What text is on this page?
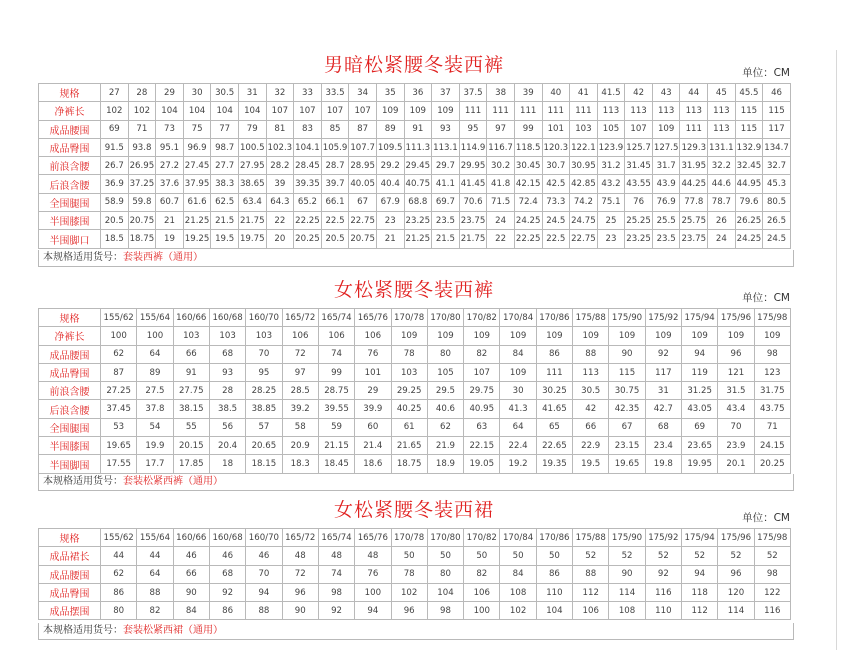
男暗松紧腰冬装西裤	单位：CM
规格	27	28	29	30	30.5	31	32	33	33.5	34	35	36	37	37.5	38	39	40	41	41.5	42	43	44	45	45.5	46
净裤长	102	102	104	104	104	104	107	107	107	107	109	109	109	111	111	111	111	111	113	113	113	113	113	115	115
成品腰围	69	71	73	75	77	79	81	83	85	87	89	91	93	95	97	99	101	103	105	107	109	111	113	115	117
成品臀围	91.5	93.8	95.1	96.9	98.7	100.5	102.3	104.1	105.9	107.7	109.5	111.3	113.1	114.9	116.7	118.5	120.3	122.1	123.9	125.7	127.5	129.3	131.1	132.9	134.7
前浪含腰	26.7	26.95	27.2	27.45	27.7	27.95	28.2	28.45	28.7	28.95	29.2	29.45	29.7	29.95	30.2	30.45	30.7	30.95	31.2	31.45	31.7	31.95	32.2	32.45	32.7
后浪含腰	36.9	37.25	37.6	37.95	38.3	38.65	39	39.35	39.7	40.05	40.4	40.75	41.1	41.45	41.8	42.15	42.5	42.85	43.2	43.55	43.9	44.25	44.6	44.95	45.3
全围腿围	58.9	59.8	60.7	61.6	62.5	63.4	64.3	65.2	66.1	67	67.9	68.8	69.7	70.6	71.5	72.4	73.3	74.2	75.1	76	76.9	77.8	78.7	79.6	80.5
半围膝围	20.5	20.75	21	21.25	21.5	21.75	22	22.25	22.5	22.75	23	23.25	23.5	23.75	24	24.25	24.5	24.75	25	25.25	25.5	25.75	26	26.25	26.5
半围脚口	18.5	18.75	19	19.25	19.5	19.75	20	20.25	20.5	20.75	21	21.25	21.5	21.75	22	22.25	22.5	22.75	23	23.25	23.5	23.75	24	24.25	24.5
本规格适用货号：套装西裤（通用）
女松紧腰冬装西裤	单位：CM
规格	155/62	155/64	160/66	160/68	160/70	165/72	165/74	165/76	170/78	170/80	170/82	170/84	170/86	175/88	175/90	175/92	175/94	175/96	175/98
净裤长	100	100	103	103	103	106	106	106	109	109	109	109	109	109	109	109	109	109	109
成品腰围	62	64	66	68	70	72	74	76	78	80	82	84	86	88	90	92	94	96	98
成品臀围	87	89	91	93	95	97	99	101	103	105	107	109	111	113	115	117	119	121	123
前浪含腰	27.25	27.5	27.75	28	28.25	28.5	28.75	29	29.25	29.5	29.75	30	30.25	30.5	30.75	31	31.25	31.5	31.75
后浪含腰	37.45	37.8	38.15	38.5	38.85	39.2	39.55	39.9	40.25	40.6	40.95	41.3	41.65	42	42.35	42.7	43.05	43.4	43.75
全围腿围	53	54	55	56	57	58	59	60	61	62	63	64	65	66	67	68	69	70	71
半围膝围	19.65	19.9	20.15	20.4	20.65	20.9	21.15	21.4	21.65	21.9	22.15	22.4	22.65	22.9	23.15	23.4	23.65	23.9	24.15
半围脚围	17.55	17.7	17.85	18	18.15	18.3	18.45	18.6	18.75	18.9	19.05	19.2	19.35	19.5	19.65	19.8	19.95	20.1	20.25
本规格适用货号：套装松紧西裤（通用）
女松紧腰冬装西裙	单位：CM
规格	155/62	155/64	160/66	160/68	160/70	165/72	165/74	165/76	170/78	170/80	170/82	170/84	170/86	175/88	175/90	175/92	175/94	175/96	175/98
成品裙长	44	44	46	46	46	48	48	48	50	50	50	50	50	52	52	52	52	52	52
成品腰围	62	64	66	68	70	72	74	76	78	80	82	84	86	88	90	92	94	96	98
成品臀围	86	88	90	92	94	96	98	100	102	104	106	108	110	112	114	116	118	120	122
成品摆围	80	82	84	86	88	90	92	94	96	98	100	102	104	106	108	110	112	114	116
本规格适用货号：套装松紧西裙（通用）
